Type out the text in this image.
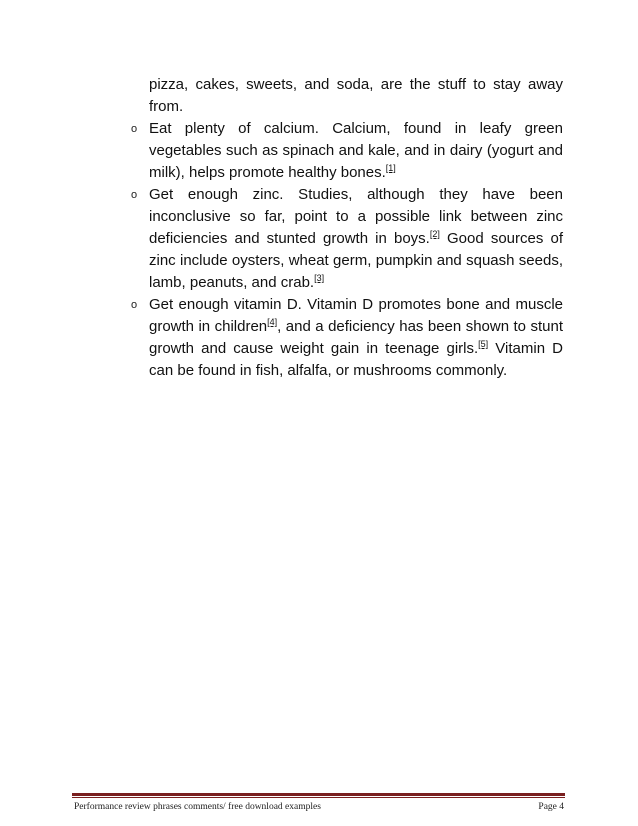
pizza, cakes, sweets, and soda, are the stuff to stay away from.

o Eat plenty of calcium. Calcium, found in leafy green vegetables such as spinach and kale, and in dairy (yogurt and milk), helps promote healthy bones.[1]

o Get enough zinc. Studies, although they have been inconclusive so far, point to a possible link between zinc deficiencies and stunted growth in boys.[2] Good sources of zinc include oysters, wheat germ, pumpkin and squash seeds, lamb, peanuts, and crab.[3]

o Get enough vitamin D. Vitamin D promotes bone and muscle growth in children[4], and a deficiency has been shown to stunt growth and cause weight gain in teenage girls.[5] Vitamin D can be found in fish, alfalfa, or mushrooms commonly.

Performance review phrases comments/ free download examples	Page 4
